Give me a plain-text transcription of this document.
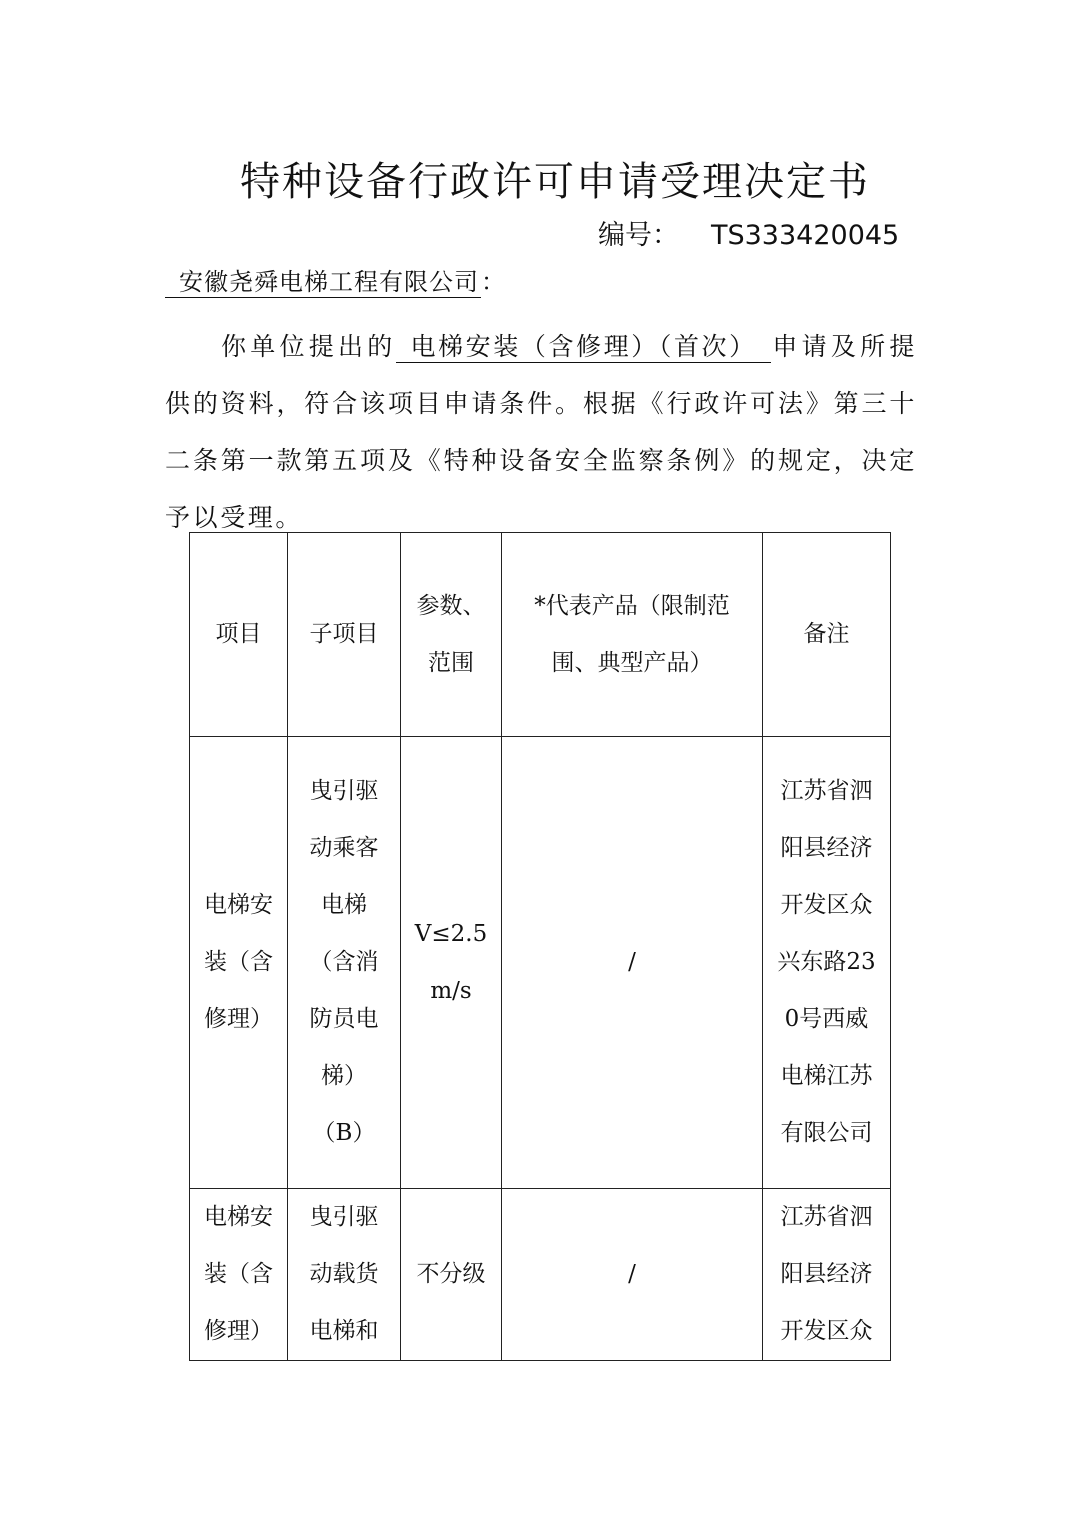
特种设备行政许可申请受理决定书
编号： TS333420045
安徽尧舜电梯工程有限公司：

你单位提出的 电梯安装（含修理）（首次） 申请及所提供的资料，符合该项目申请条件。根据《行政许可法》第三十二条第一款第五项及《特种设备安全监察条例》的规定，决定予以受理。

项目	子项目	参数、范围	*代表产品（限制范围、典型产品）	备注
电梯安装（含修理）	曳引驱动乘客电梯（含消防员电梯）（B）	V≤2.5m/s	/	江苏省泗阳县经济开发区众兴东路230号西威电梯江苏有限公司
电梯安装（含修理）	曳引驱动载货电梯和	不分级	/	江苏省泗阳县经济开发区众
